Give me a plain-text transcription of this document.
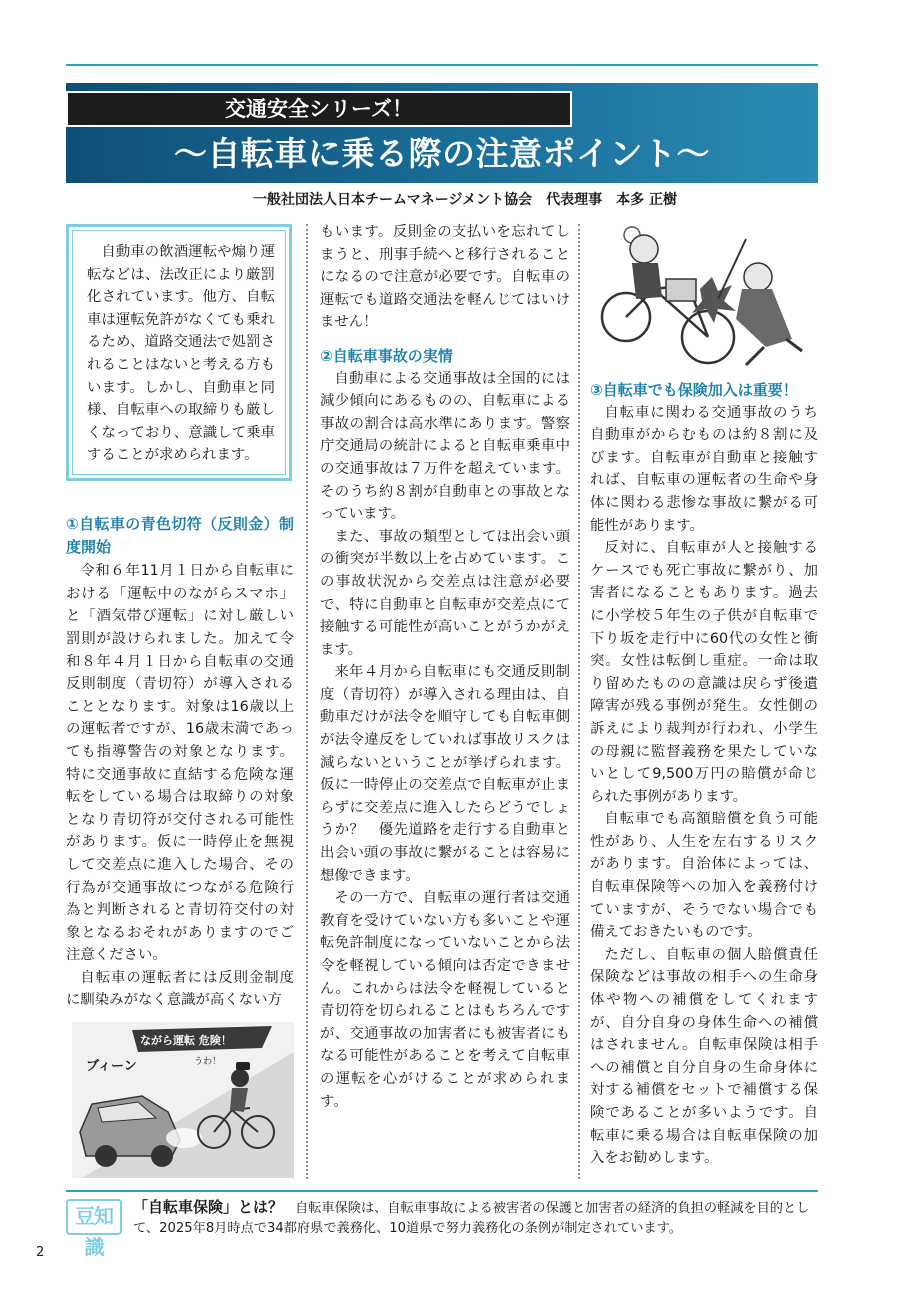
交通安全シリーズ！
〜自転車に乗る際の注意ポイント〜
一般社団法人日本チームマネージメント協会　代表理事　本多 正樹

自動車の飲酒運転や煽り運転などは、法改正により厳罰化されています。他方、自転車は運転免許がなくても乗れるため、道路交通法で処罰されることはないと考える方もいます。しかし、自動車と同様、自転車への取締りも厳しくなっており、意識して乗車することが求められます。

①自転車の青色切符（反則金）制度開始

令和６年11月１日から自転車における「運転中のながらスマホ」と「酒気帯び運転」に対し厳しい罰則が設けられました。加えて令和８年４月１日から自転車の交通反則制度（青切符）が導入されることとなります。対象は16歳以上の運転者ですが、16歳未満であっても指導警告の対象となります。特に交通事故に直結する危険な運転をしている場合は取締りの対象となり青切符が交付される可能性があります。仮に一時停止を無視して交差点に進入した場合、その行為が交通事故につながる危険行為と判断されると青切符交付の対象となるおそれがありますのでご注意ください。

自転車の運転者には反則金制度に馴染みがなく意識が高くない方

ながら運転 危険！
ブィーン	うわ！

もいます。反則金の支払いを忘れてしまうと、刑事手続へと移行されることになるので注意が必要です。自転車の運転でも道路交通法を軽んじてはいけません！

②自転車事故の実情

自動車による交通事故は全国的には減少傾向にあるものの、自転車による事故の割合は高水準にあります。警察庁交通局の統計によると自転車乗車中の交通事故は７万件を超えています。そのうち約８割が自動車との事故となっています。

また、事故の類型としては出会い頭の衝突が半数以上を占めています。この事故状況から交差点は注意が必要で、特に自動車と自転車が交差点にて接触する可能性が高いことがうかがえます。

来年４月から自転車にも交通反則制度（青切符）が導入される理由は、自動車だけが法令を順守しても自転車側が法令違反をしていれば事故リスクは減らないということが挙げられます。仮に一時停止の交差点で自転車が止まらずに交差点に進入したらどうでしょうか？　優先道路を走行する自動車と出会い頭の事故に繋がることは容易に想像できます。

その一方で、自転車の運行者は交通教育を受けていない方も多いことや運転免許制度になっていないことから法令を軽視している傾向は否定できません。これからは法令を軽視していると青切符を切られることはもちろんですが、交通事故の加害者にも被害者にもなる可能性があることを考えて自転車の運転を心がけることが求められます。

③自転車でも保険加入は重要！

自転車に関わる交通事故のうち自動車がからむものは約８割に及びます。自転車が自動車と接触すれば、自転車の運転者の生命や身体に関わる悲惨な事故に繋がる可能性があります。

反対に、自転車が人と接触するケースでも死亡事故に繋がり、加害者になることもあります。過去に小学校５年生の子供が自転車で下り坂を走行中に60代の女性と衝突。女性は転倒し重症。一命は取り留めたものの意識は戻らず後遺障害が残る事例が発生。女性側の訴えにより裁判が行われ、小学生の母親に監督義務を果たしていないとして9,500万円の賠償が命じられた事例があります。

自転車でも高額賠償を負う可能性があり、人生を左右するリスクがあります。自治体によっては、自転車保険等への加入を義務付けていますが、そうでない場合でも備えておきたいものです。

ただし、自転車の個人賠償責任保険などは事故の相手への生命身体や物への補償をしてくれますが、自分自身の身体生命への補償はされません。自転車保険は相手への補償と自分自身の生命身体に対する補償をセットで補償する保険であることが多いようです。自転車に乗る場合は自転車保険の加入をお勧めします。

豆知識
「自転車保険」とは？ 自転車保険は、自転車事故による被害者の保護と加害者の経済的負担の軽減を目的として、2025年8月時点で34都府県で義務化、10道県で努力義務化の条例が制定されています。
2
